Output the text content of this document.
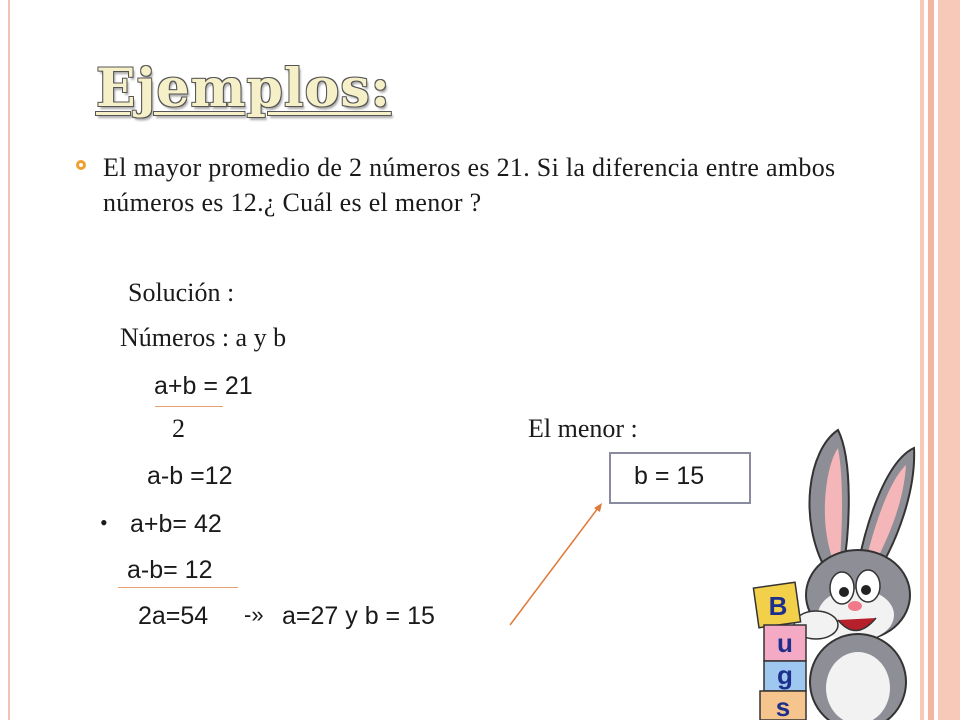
Ejemplos:
El mayor promedio de 2 números es 21. Si la diferencia entre ambos números es 12.¿ Cuál es el menor ?
Solución :
Números : a y b
a+b = 21
2
a-b =12
• a+b= 42
a-b= 12
2a=54 -» a=27 y b = 15
El menor :
b = 15
B
u
g
s
